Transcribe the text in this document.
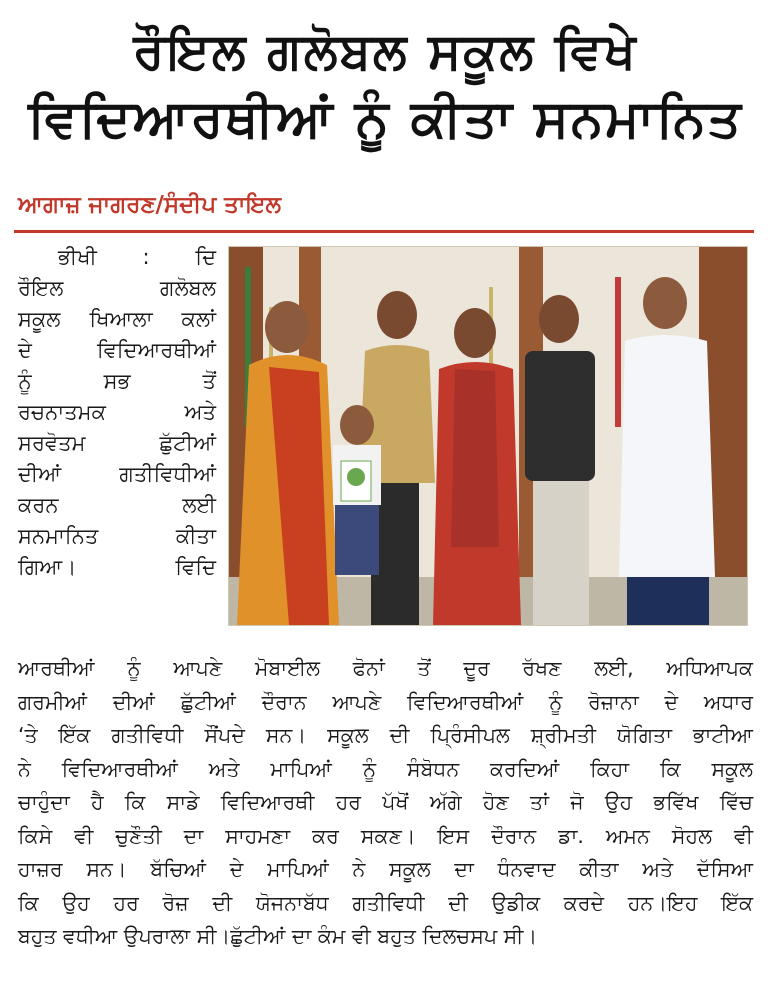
ਰੌਇਲ ਗਲੋਬਲ ਸਕੂਲ ਵਿਖੇ
ਵਿਦਿਆਰਥੀਆਂ ਨੂੰ ਕੀਤਾ ਸਨਮਾਨਿਤ
ਆਗਾਜ਼ ਜਾਗਰਣ/ਸੰਦੀਪ ਤਾਇਲ
ਭੀਖੀ : ਦਿ
ਰੌਇਲ ਗਲੋਬਲ
ਸਕੂਲ ਖਿਆਲਾ ਕਲਾਂ
ਦੇ ਵਿਦਿਆਰਥੀਆਂ
ਨੂੰ ਸਭ ਤੋਂ
ਰਚਨਾਤਮਕ ਅਤੇ
ਸਰਵੋਤਮ ਛੁੱਟੀਆਂ
ਦੀਆਂ ਗਤੀਵਿਧੀਆਂ
ਕਰਨ ਲਈ
ਸਨਮਾਨਿਤ ਕੀਤਾ
ਗਿਆ। ਵਿਦਿ
ਆਰਥੀਆਂ ਨੂੰ ਆਪਣੇ ਮੋਬਾਈਲ ਫੋਨਾਂ ਤੋਂ ਦੂਰ ਰੱਖਣ ਲਈ, ਅਧਿਆਪਕ
ਗਰਮੀਆਂ ਦੀਆਂ ਛੁੱਟੀਆਂ ਦੌਰਾਨ ਆਪਣੇ ਵਿਦਿਆਰਥੀਆਂ ਨੂੰ ਰੋਜ਼ਾਨਾ ਦੇ ਅਧਾਰ
‘ਤੇ ਇੱਕ ਗਤੀਵਿਧੀ ਸੌਂਪਦੇ ਸਨ। ਸਕੂਲ ਦੀ ਪ੍ਰਿੰਸੀਪਲ ਸ਼੍ਰੀਮਤੀ ਯੋਗਿਤਾ ਭਾਟੀਆ
ਨੇ ਵਿਦਿਆਰਥੀਆਂ ਅਤੇ ਮਾਪਿਆਂ ਨੂੰ ਸੰਬੋਧਨ ਕਰਦਿਆਂ ਕਿਹਾ ਕਿ ਸਕੂਲ
ਚਾਹੁੰਦਾ ਹੈ ਕਿ ਸਾਡੇ ਵਿਦਿਆਰਥੀ ਹਰ ਪੱਖੋਂ ਅੱਗੇ ਹੋਣ ਤਾਂ ਜੋ ਉਹ ਭਵਿੱਖ ਵਿੱਚ
ਕਿਸੇ ਵੀ ਚੁਣੌਤੀ ਦਾ ਸਾਹਮਣਾ ਕਰ ਸਕਣ। ਇਸ ਦੌਰਾਨ ਡਾ. ਅਮਨ ਸੋਹਲ ਵੀ
ਹਾਜ਼ਰ ਸਨ। ਬੱਚਿਆਂ ਦੇ ਮਾਪਿਆਂ ਨੇ ਸਕੂਲ ਦਾ ਧੰਨਵਾਦ ਕੀਤਾ ਅਤੇ ਦੱਸਿਆ
ਕਿ ਉਹ ਹਰ ਰੋਜ਼ ਦੀ ਯੋਜਨਾਬੱਧ ਗਤੀਵਿਧੀ ਦੀ ਉਡੀਕ ਕਰਦੇ ਹਨ।ਇਹ ਇੱਕ
ਬਹੁਤ ਵਧੀਆ ਉਪਰਾਲਾ ਸੀ।ਛੁੱਟੀਆਂ ਦਾ ਕੰਮ ਵੀ ਬਹੁਤ ਦਿਲਚਸਪ ਸੀ।
